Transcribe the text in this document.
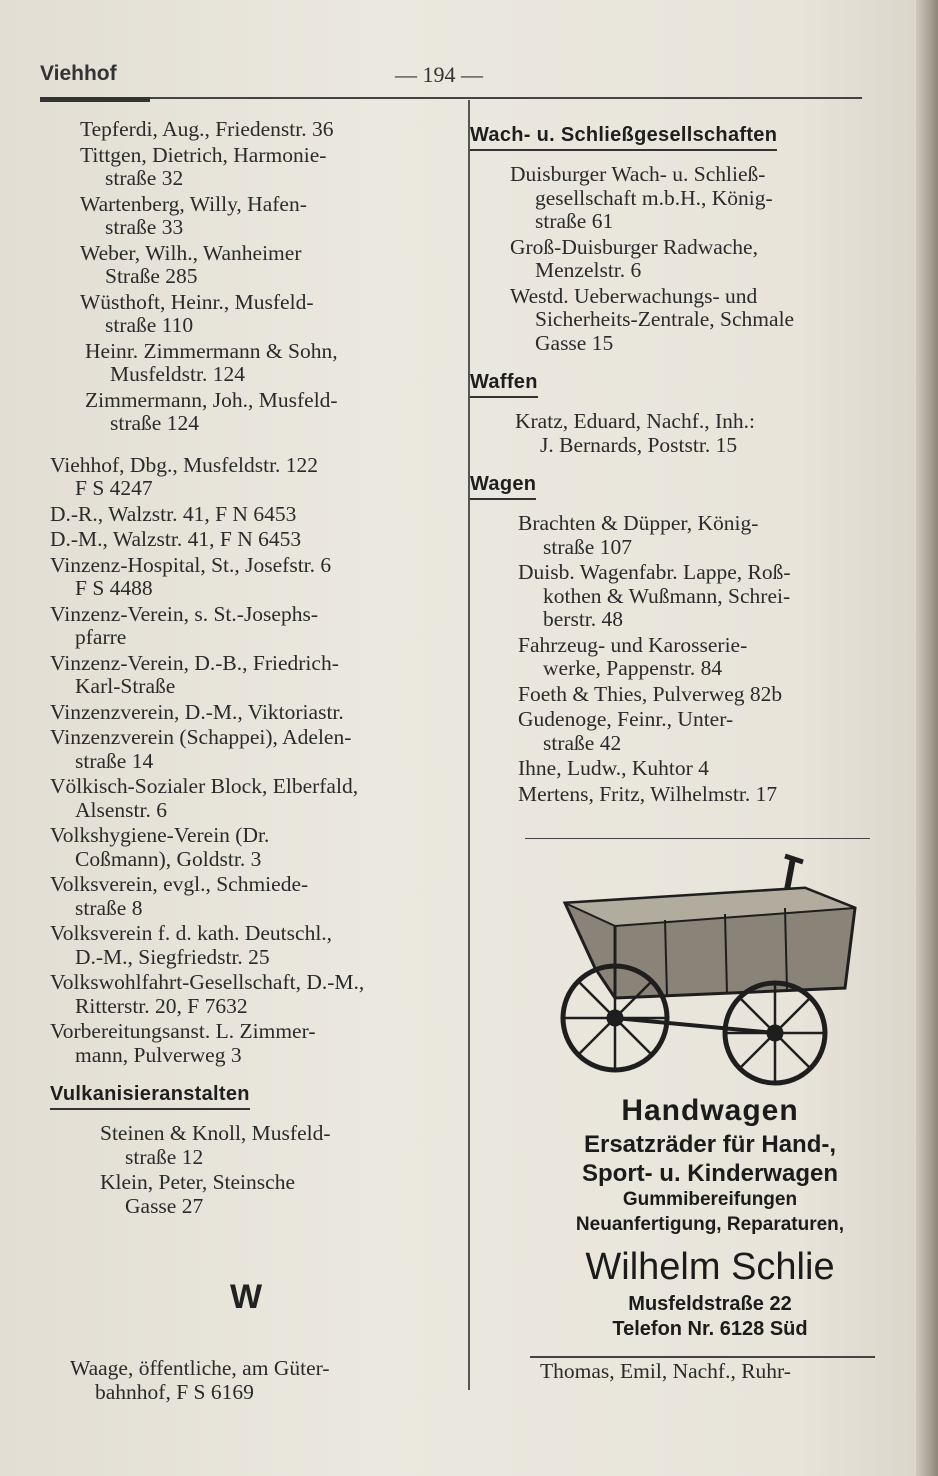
Viehhof	— 194 —
Tepferdi, Aug., Friedenstr. 36
Tittgen, Dietrich, Harmonie-
straße 32
Wartenberg, Willy, Hafen-
straße 33
Weber, Wilh., Wanheimer
Straße 285
Wüsthoft, Heinr., Musfeld-
straße 110
Heinr. Zimmermann & Sohn,
Musfeldstr. 124
Zimmermann, Joh., Musfeld-
straße 124
Viehhof, Dbg., Musfeldstr. 122
F S 4247
D.-R., Walzstr. 41, F N 6453
D.-M., Walzstr. 41, F N 6453
Vinzenz-Hospital, St., Josefstr. 6
F S 4488
Vinzenz-Verein, s. St.-Josephs-
pfarre
Vinzenz-Verein, D.-B., Friedrich-
Karl-Straße
Vinzenzverein, D.-M., Viktoriastr.
Vinzenzverein (Schappei), Adelen-
straße 14
Völkisch-Sozialer Block, Elberfald,
Alsenstr. 6
Volkshygiene-Verein (Dr.
Coßmann), Goldstr. 3
Volksverein, evgl., Schmiede-
straße 8
Volksverein f. d. kath. Deutschl.,
D.-M., Siegfriedstr. 25
Volkswohlfahrt-Gesellschaft, D.-M.,
Ritterstr. 20, F 7632
Vorbereitungsanst. L. Zimmer-
mann, Pulverweg 3
Vulkanisieranstalten
Steinen & Knoll, Musfeld-
straße 12
Klein, Peter, Steinsche
Gasse 27
W
Waage, öffentliche, am Güter-
bahnhof, F S 6169
Wach- u. Schließgesellschaften
Duisburger Wach- u. Schließ-
gesellschaft m.b.H., König-
straße 61
Groß-Duisburger Radwache,
Menzelstr. 6
Westd. Ueberwachungs- und
Sicherheits-Zentrale, Schmale
Gasse 15
Waffen
Kratz, Eduard, Nachf., Inh.:
J. Bernards, Poststr. 15
Wagen
Brachten & Düpper, König-
straße 107
Duisb. Wagenfabr. Lappe, Roß-
kothen & Wußmann, Schrei-
berstr. 48
Fahrzeug- und Karosserie-
werke, Pappenstr. 84
Foeth & Thies, Pulverweg 82b
Gudenoge, Feinr., Unter-
straße 42
Ihne, Ludw., Kuhtor 4
Mertens, Fritz, Wilhelmstr. 17
Handwagen
Ersatzräder für Hand-,
Sport- u. Kinderwagen
Gummibereifungen
Neuanfertigung, Reparaturen,
Wilhelm Schlie
Musfeldstraße 22
Telefon Nr. 6128 Süd
Thomas, Emil, Nachf., Ruhr-
